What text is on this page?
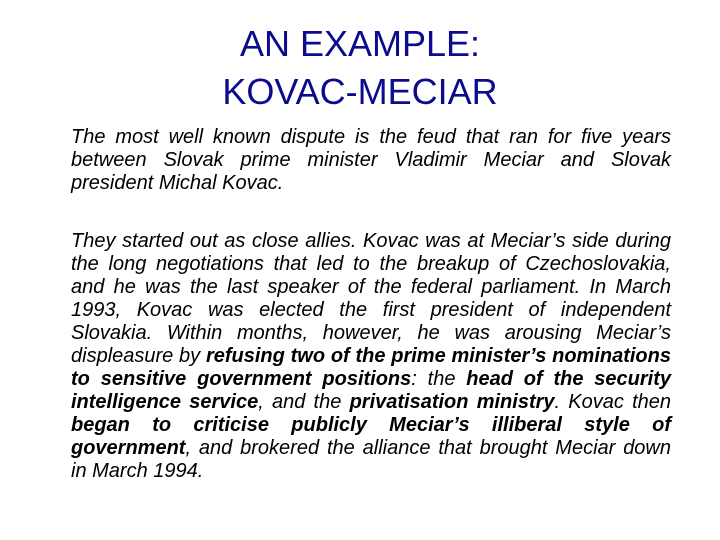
AN EXAMPLE:
KOVAC-MECIAR

The most well known dispute is the feud that ran for five years between Slovak prime minister Vladimir Meciar and Slovak president Michal Kovac.

They started out as close allies. Kovac was at Meciar’s side during the long negotiations that led to the breakup of Czechoslovakia, and he was the last speaker of the federal parliament. In March 1993, Kovac was elected the first president of independent Slovakia. Within months, however, he was arousing Meciar’s displeasure by refusing two of the prime minister’s nominations to sensitive government positions: the head of the security intelligence service, and the privatisation ministry. Kovac then began to criticise publicly Meciar’s illiberal style of government, and brokered the alliance that brought Meciar down in March 1994.
